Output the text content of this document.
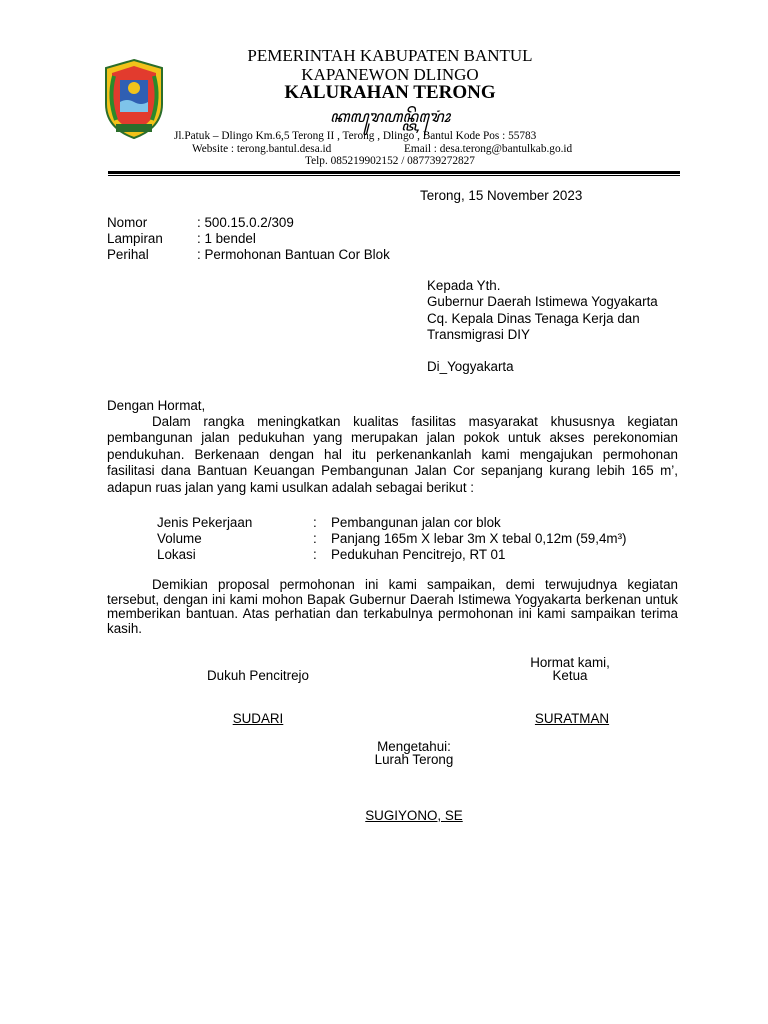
PEMERINTAH KABUPATEN BANTUL
KAPANEWON DLINGO
KALURAHAN TERONG
ꦏꦭꦸꦫꦲꦤ꧀ꦠꦼꦫꦺꦴꦁ
Jl.Patuk – Dlingo Km.6,5 Terong II , Terong , Dlingo , Bantul Kode Pos : 55783
Website : terong.bantul.desa.id	Email : desa.terong@bantulkab.go.id
Telp. 085219902152 / 087739272827
Terong, 15 November 2023
Nomor	: 500.15.0.2/309
Lampiran	: 1 bendel
Perihal	: Permohonan Bantuan Cor Blok
Kepada Yth.
Gubernur Daerah Istimewa Yogyakarta
Cq. Kepala Dinas Tenaga Kerja dan
Transmigrasi DIY
Di_Yogyakarta
Dengan Hormat,
Dalam rangka meningkatkan kualitas fasilitas masyarakat khususnya kegiatan pembangunan jalan pedukuhan yang merupakan jalan pokok untuk akses perekonomian pendukuhan. Berkenaan dengan hal itu perkenankanlah kami mengajukan permohonan fasilitasi dana Bantuan Keuangan Pembangunan Jalan Cor sepanjang kurang lebih 165 m’, adapun ruas jalan yang kami usulkan adalah sebagai berikut :
Jenis Pekerjaan	: Pembangunan jalan cor blok
Volume	: Panjang 165m X lebar 3m X tebal 0,12m (59,4m³)
Lokasi	: Pedukuhan Pencitrejo, RT 01
Demikian proposal permohonan ini kami sampaikan, demi terwujudnya kegiatan tersebut, dengan ini kami mohon Bapak Gubernur Daerah Istimewa Yogyakarta berkenan untuk memberikan bantuan. Atas perhatian dan terkabulnya permohonan ini kami sampaikan terima kasih.
Hormat kami,
Ketua
Dukuh Pencitrejo
SUDARI	SURATMAN
Mengetahui:
Lurah Terong
SUGIYONO, SE
